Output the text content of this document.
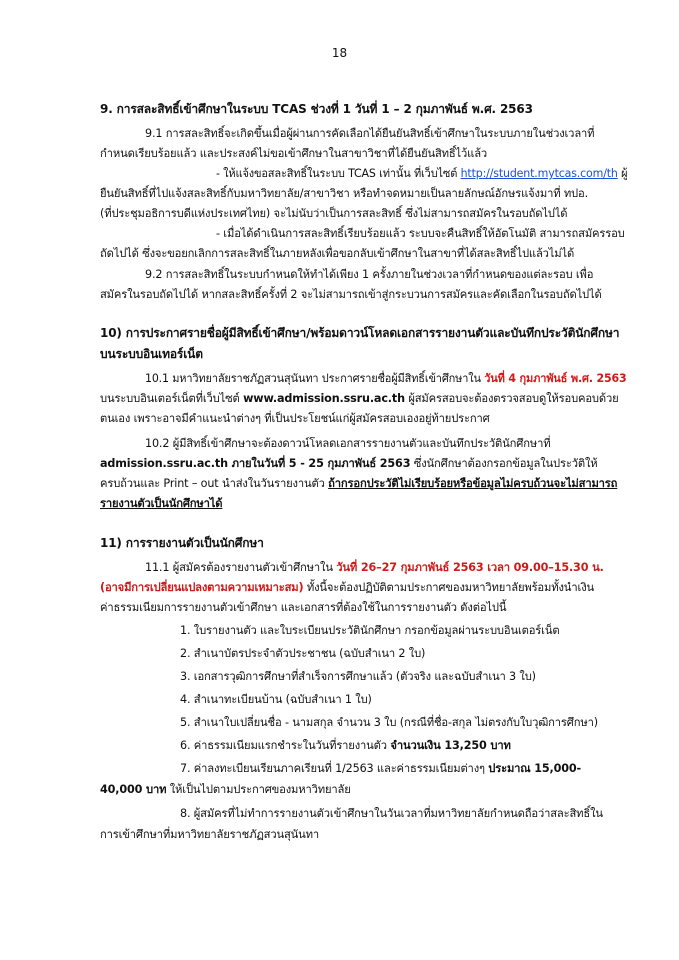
18
9. การสละสิทธิ์เข้าศึกษาในระบบ TCAS ช่วงที่ 1 วันที่ 1 – 2 กุมภาพันธ์ พ.ศ. 2563
9.1 การสละสิทธิ์จะเกิดขึ้นเมื่อผู้ผ่านการคัดเลือกได้ยืนยันสิทธิ์เข้าศึกษาในระบบภายในช่วงเวลาที่
กำหนดเรียบร้อยแล้ว และประสงค์ไม่ขอเข้าศึกษาในสาขาวิชาที่ได้ยืนยันสิทธิ์ไว้แล้ว
- ให้แจ้งขอสละสิทธิ์ในระบบ TCAS เท่านั้น ที่เว็บไซต์ http://student.mytcas.com/th ผู้
ยืนยันสิทธิ์ที่ไปแจ้งสละสิทธิ์กับมหาวิทยาลัย/สาขาวิชา หรือทำจดหมายเป็นลายลักษณ์อักษรแจ้งมาที่ ทปอ.
(ที่ประชุมอธิการบดีแห่งประเทศไทย) จะไม่นับว่าเป็นการสละสิทธิ์ ซึ่งไม่สามารถสมัครในรอบถัดไปได้
- เมื่อได้ดำเนินการสละสิทธิ์เรียบร้อยแล้ว ระบบจะคืนสิทธิ์ให้อัตโนมัติ สามารถสมัครรอบ
ถัดไปได้ ซึ่งจะขอยกเลิกการสละสิทธิ์ในภายหลังเพื่อขอกลับเข้าศึกษาในสาขาที่ได้สละสิทธิ์ไปแล้วไม่ได้
9.2 การสละสิทธิ์ในระบบกำหนดให้ทำได้เพียง 1 ครั้งภายในช่วงเวลาที่กำหนดของแต่ละรอบ เพื่อ
สมัครในรอบถัดไปได้ หากสละสิทธิ์ครั้งที่ 2 จะไม่สามารถเข้าสู่กระบวนการสมัครและคัดเลือกในรอบถัดไปได้
10) การประกาศรายชื่อผู้มีสิทธิ์เข้าศึกษา/พร้อมดาวน์โหลดเอกสารรายงานตัวและบันทึกประวัตินักศึกษา
บนระบบอินเทอร์เน็ต
10.1 มหาวิทยาลัยราชภัฏสวนสุนันทา ประกาศรายชื่อผู้มีสิทธิ์เข้าศึกษาใน วันที่ 4 กุมภาพันธ์ พ.ศ. 2563
บนระบบอินเตอร์เน็ตที่เว็บไซต์ www.admission.ssru.ac.th ผู้สมัครสอบจะต้องตรวจสอบดูให้รอบคอบด้วย
ตนเอง เพราะอาจมีคำแนะนำต่างๆ ที่เป็นประโยชน์แก่ผู้สมัครสอบเองอยู่ท้ายประกาศ
10.2 ผู้มีสิทธิ์เข้าศึกษาจะต้องดาวน์โหลดเอกสารรายงานตัวและบันทึกประวัตินักศึกษาที่
admission.ssru.ac.th ภายในวันที่ 5 - 25 กุมภาพันธ์ 2563 ซึ่งนักศึกษาต้องกรอกข้อมูลในประวัติให้
ครบถ้วนและ Print – out นำส่งในวันรายงานตัว ถ้ากรอกประวัติไม่เรียบร้อยหรือข้อมูลไม่ครบถ้วนจะไม่สามารถ
รายงานตัวเป็นนักศึกษาได้
11) การรายงานตัวเป็นนักศึกษา
11.1 ผู้สมัครต้องรายงานตัวเข้าศึกษาใน วันที่ 26–27 กุมภาพันธ์ 2563 เวลา 09.00–15.30 น.
(อาจมีการเปลี่ยนแปลงตามความเหมาะสม) ทั้งนี้จะต้องปฏิบัติตามประกาศของมหาวิทยาลัยพร้อมทั้งนำเงิน
ค่าธรรมเนียมการรายงานตัวเข้าศึกษา และเอกสารที่ต้องใช้ในการรายงานตัว ดังต่อไปนี้
1. ใบรายงานตัว และใบระเบียนประวัตินักศึกษา กรอกข้อมูลผ่านระบบอินเตอร์เน็ต
2. สำเนาบัตรประจำตัวประชาชน (ฉบับสำเนา 2 ใบ)
3. เอกสารวุฒิการศึกษาที่สำเร็จการศึกษาแล้ว (ตัวจริง และฉบับสำเนา 3 ใบ)
4. สำเนาทะเบียนบ้าน (ฉบับสำเนา 1 ใบ)
5. สำเนาใบเปลี่ยนชื่อ - นามสกุล จำนวน 3 ใบ (กรณีที่ชื่อ-สกุล ไม่ตรงกับใบวุฒิการศึกษา)
6. ค่าธรรมเนียมแรกชำระในวันที่รายงานตัว จำนวนเงิน 13,250 บาท
7. ค่าลงทะเบียนเรียนภาคเรียนที่ 1/2563 และค่าธรรมเนียมต่างๆ ประมาณ 15,000-
40,000 บาท ให้เป็นไปตามประกาศของมหาวิทยาลัย
8. ผู้สมัครที่ไม่ทำการรายงานตัวเข้าศึกษาในวันเวลาที่มหาวิทยาลัยกำหนดถือว่าสละสิทธิ์ใน
การเข้าศึกษาที่มหาวิทยาลัยราชภัฏสวนสุนันทา
